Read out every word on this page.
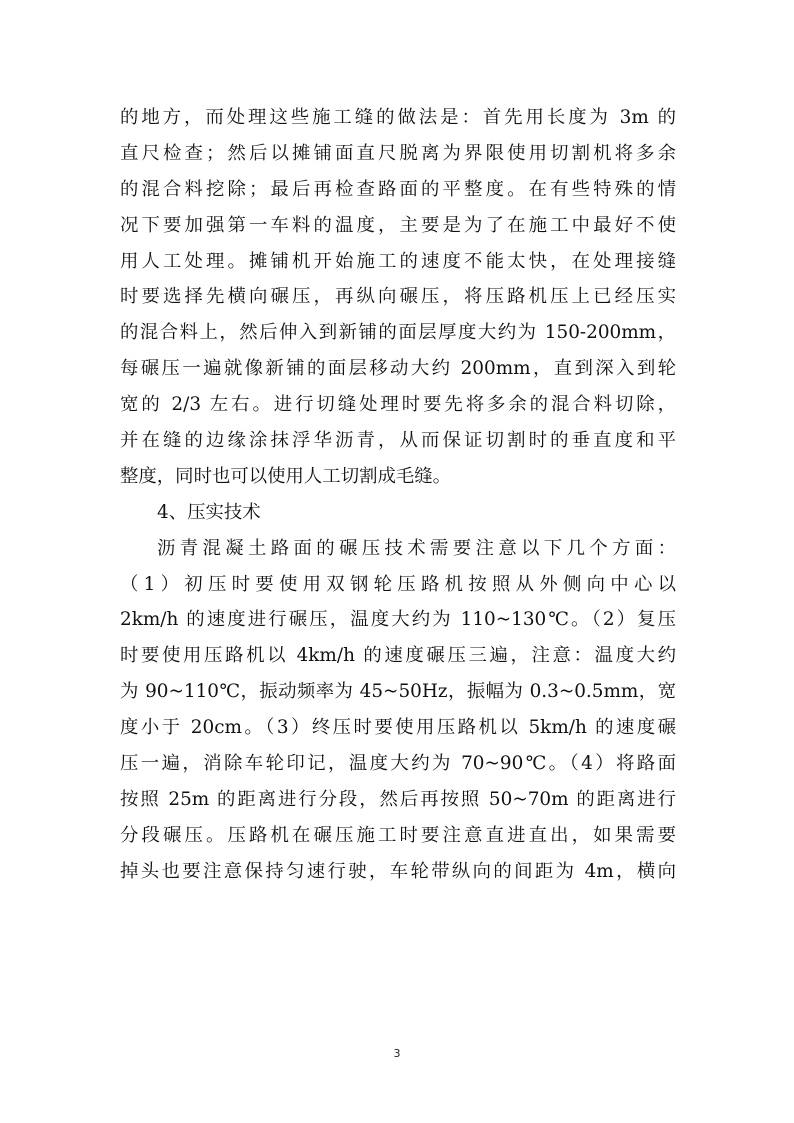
的地方，而处理这些施工缝的做法是：首先用长度为 3m 的
直尺检查；然后以摊铺面直尺脱离为界限使用切割机将多余
的混合料挖除；最后再检查路面的平整度。在有些特殊的情
况下要加强第一车料的温度，主要是为了在施工中最好不使
用人工处理。摊铺机开始施工的速度不能太快，在处理接缝
时要选择先横向碾压，再纵向碾压，将压路机压上已经压实
的混合料上，然后伸入到新铺的面层厚度大约为 150-200mm，
每碾压一遍就像新铺的面层移动大约 200mm，直到深入到轮
宽的 2/3 左右。进行切缝处理时要先将多余的混合料切除，
并在缝的边缘涂抹浮华沥青，从而保证切割时的垂直度和平
整度，同时也可以使用人工切割成毛缝。
4、压实技术
沥青混凝土路面的碾压技术需要注意以下几个方面：
（1）初压时要使用双钢轮压路机按照从外侧向中心以
2km/h 的速度进行碾压，温度大约为 110~130℃。（2）复压
时要使用压路机以 4km/h 的速度碾压三遍，注意：温度大约
为 90~110℃，振动频率为 45~50Hz，振幅为 0.3~0.5mm，宽
度小于 20cm。（3）终压时要使用压路机以 5km/h 的速度碾
压一遍，消除车轮印记，温度大约为 70~90℃。（4）将路面
按照 25m 的距离进行分段，然后再按照 50~70m 的距离进行
分段碾压。压路机在碾压施工时要注意直进直出，如果需要
掉头也要注意保持匀速行驶，车轮带纵向的间距为 4m，横向
3
